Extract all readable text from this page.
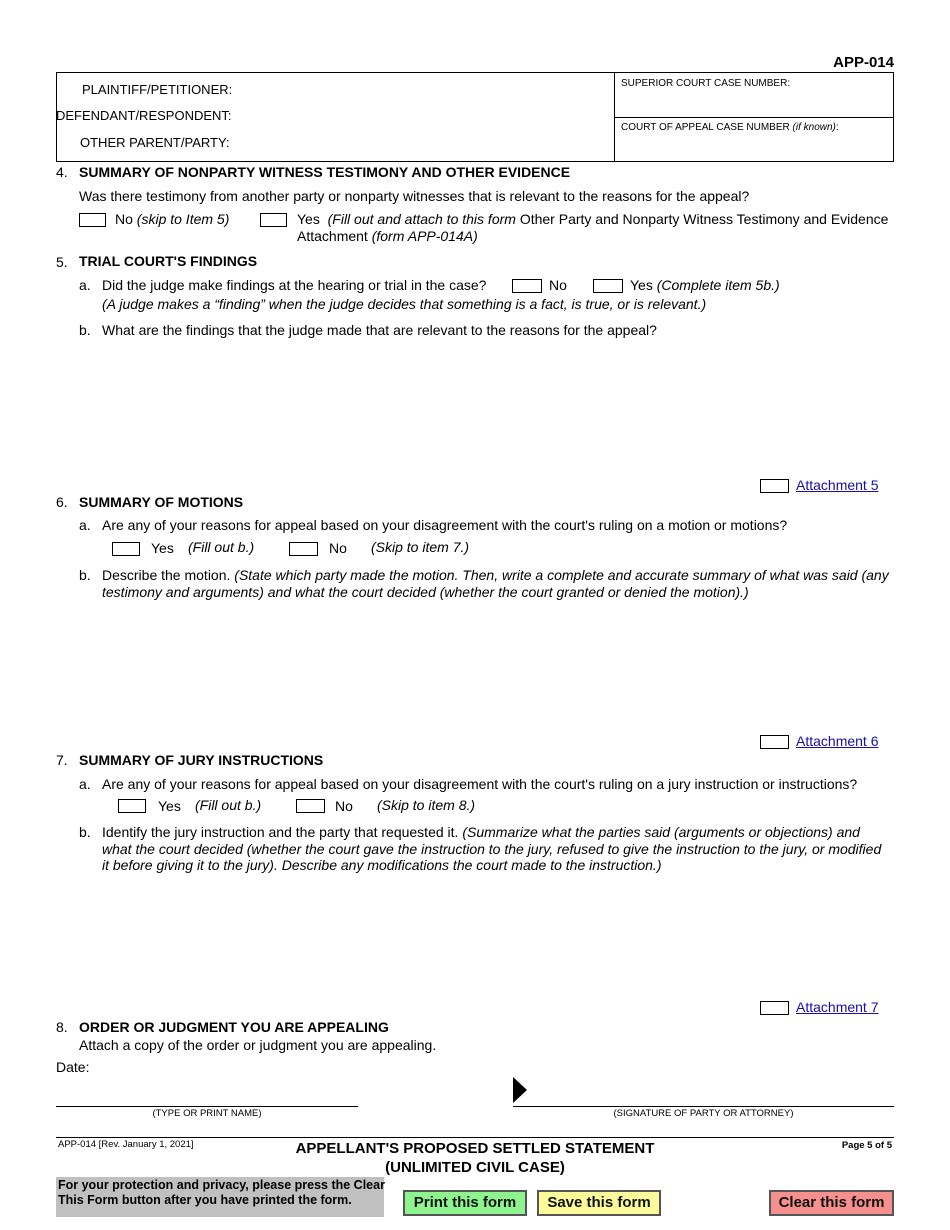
APP-014
PLAINTIFF/PETITIONER:
DEFENDANT/RESPONDENT:
OTHER PARENT/PARTY:
SUPERIOR COURT CASE NUMBER:
COURT OF APPEAL CASE NUMBER (if known):
4. SUMMARY OF NONPARTY WITNESS TESTIMONY AND OTHER EVIDENCE
Was there testimony from another party or nonparty witnesses that is relevant to the reasons for the appeal?
No (skip to Item 5)	Yes (Fill out and attach to this form Other Party and Nonparty Witness Testimony and Evidence
Attachment (form APP-014A)
5. TRIAL COURT'S FINDINGS
a. Did the judge make findings at the hearing or trial in the case?	No	Yes (Complete item 5b.)
(A judge makes a “finding” when the judge decides that something is a fact, is true, or is relevant.)
b. What are the findings that the judge made that are relevant to the reasons for the appeal?
Attachment 5
6. SUMMARY OF MOTIONS
a. Are any of your reasons for appeal based on your disagreement with the court's ruling on a motion or motions?
Yes (Fill out b.)	No (Skip to item 7.)
b. Describe the motion. (State which party made the motion. Then, write a complete and accurate summary of what was said (any
testimony and arguments) and what the court decided (whether the court granted or denied the motion).)
Attachment 6
7. SUMMARY OF JURY INSTRUCTIONS
a. Are any of your reasons for appeal based on your disagreement with the court's ruling on a jury instruction or instructions?
Yes (Fill out b.)	No (Skip to item 8.)
b. Identify the jury instruction and the party that requested it. (Summarize what the parties said (arguments or objections) and
what the court decided (whether the court gave the instruction to the jury, refused to give the instruction to the jury, or modified
it before giving it to the jury). Describe any modifications the court made to the instruction.)
Attachment 7
8. ORDER OR JUDGMENT YOU ARE APPEALING
Attach a copy of the order or judgment you are appealing.
Date:
(TYPE OR PRINT NAME)	(SIGNATURE OF PARTY OR ATTORNEY)
APP-014 [Rev. January 1, 2021]	APPELLANT'S PROPOSED SETTLED STATEMENT
(UNLIMITED CIVIL CASE)
Page 5 of 5
For your protection and privacy, please press the Clear
This Form button after you have printed the form.	Print this form	Save this form	Clear this form
